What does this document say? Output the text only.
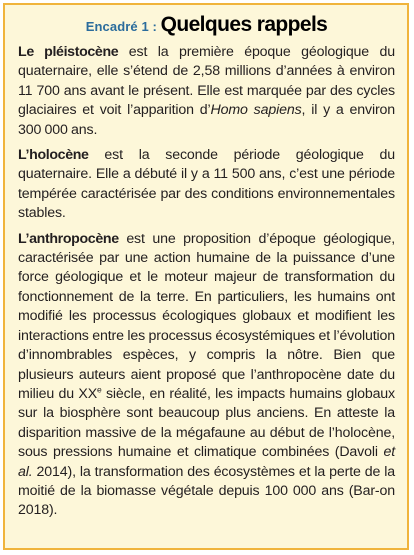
Encadré 1 : Quelques rappels

Le pléistocène est la première époque géologique du quaternaire, elle s’étend de 2,58 millions d’années à environ 11 700 ans avant le présent. Elle est marquée par des cycles glaciaires et voit l’apparition d’Homo sapiens, il y a environ 300 000 ans.

L’holocène est la seconde période géologique du quaternaire. Elle a débuté il y a 11 500 ans, c’est une période tempérée caractérisée par des conditions environnementales stables.

L’anthropocène est une proposition d’époque géologique, caractérisée par une action humaine de la puissance d’une force géologique et le moteur majeur de transformation du fonctionnement de la terre. En particuliers, les humains ont modifié les processus écologiques globaux et modifient les interactions entre les processus écosystémiques et l’évolution d’innombrables espèces, y compris la nôtre. Bien que plusieurs auteurs aient proposé que l’anthropocène date du milieu du XXe siècle, en réalité, les impacts humains globaux sur la biosphère sont beaucoup plus anciens. En atteste la disparition massive de la mégafaune au début de l’holocène, sous pressions humaine et climatique combinées (Davoli et al. 2014), la transformation des écosystèmes et la perte de la moitié de la biomasse végétale depuis 100 000 ans (Bar-on 2018).
